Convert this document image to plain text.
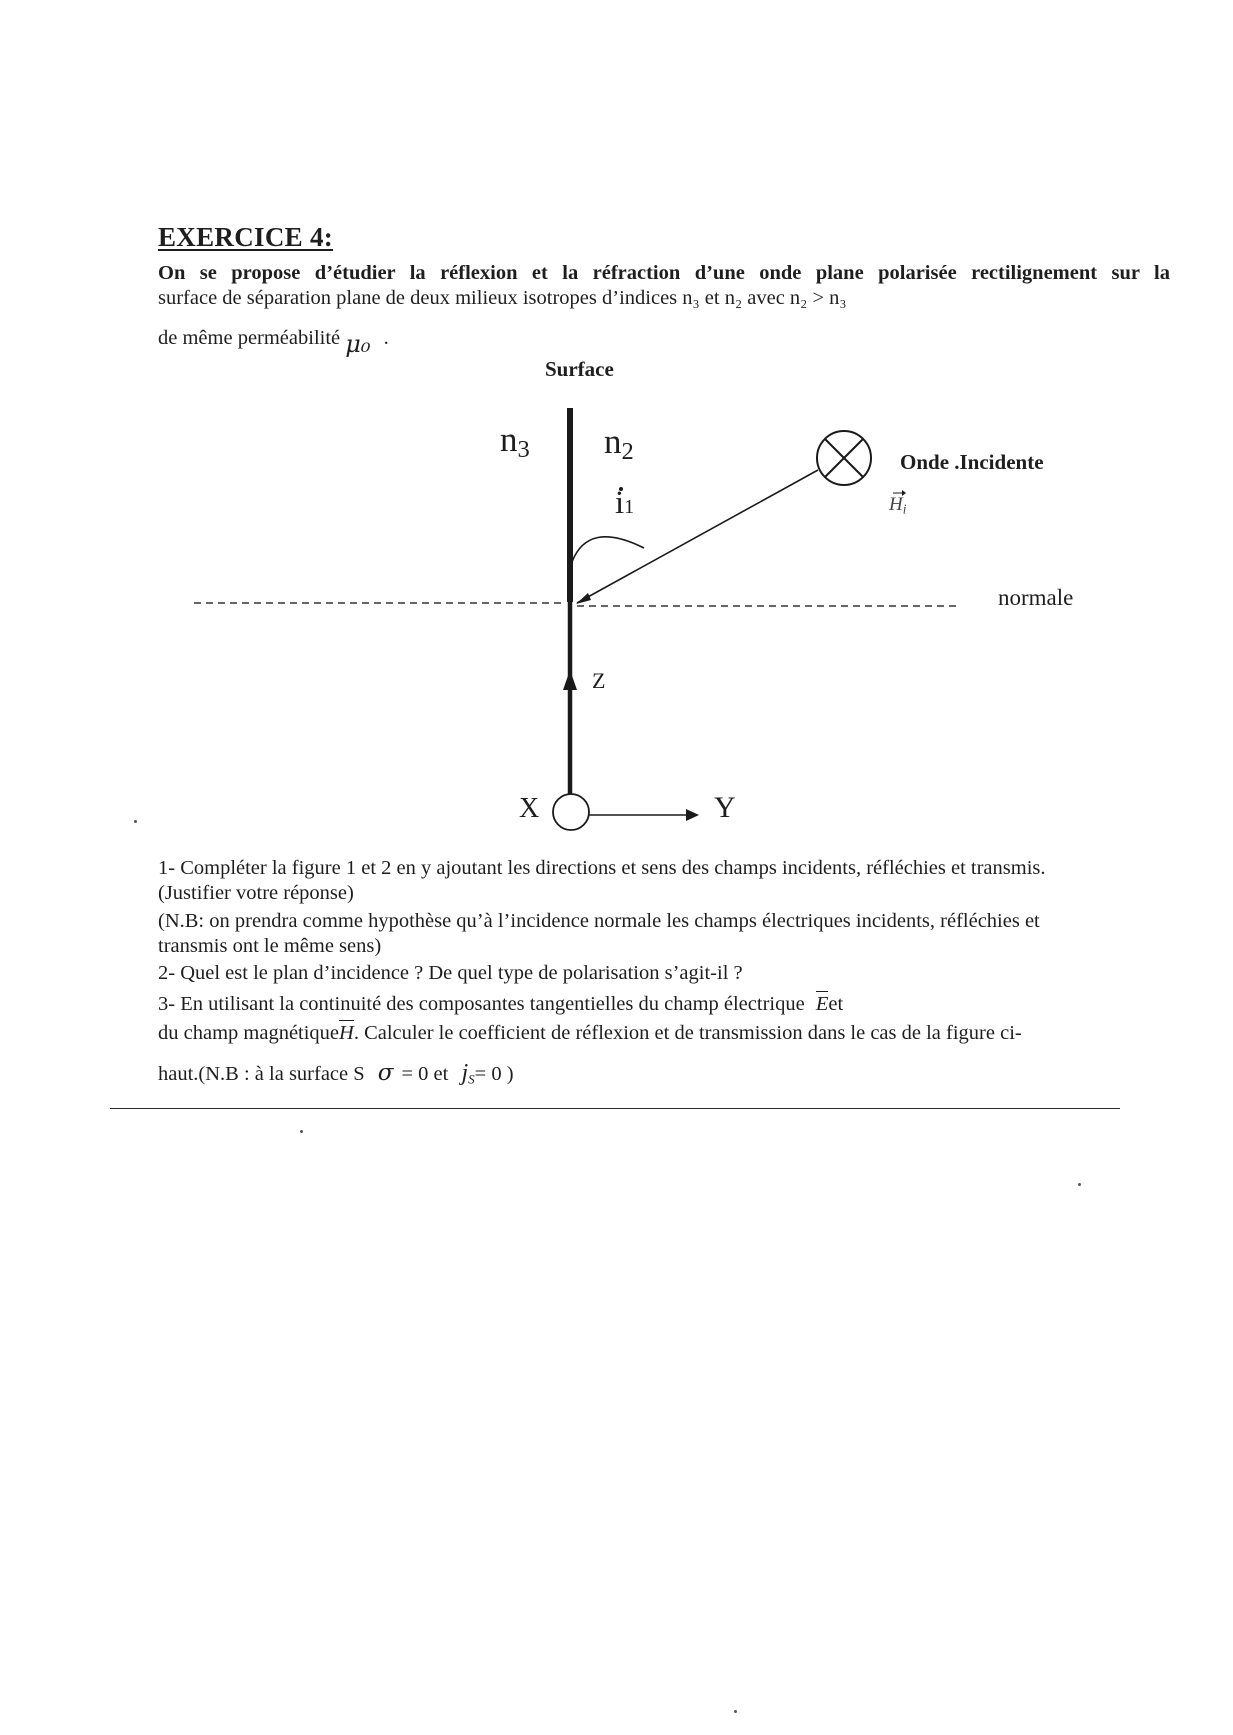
EXERCICE 4:
On se propose d’étudier la réflexion et la réfraction d’une onde plane polarisée rectilignement sur la
surface de séparation plane de deux milieux isotropes d’indices n₃ et n₂ avec n₂ > n₃
de même perméabilité μ₀ .
Surface
$n_3$ $n_2$
i1
Onde .Incidente
$H_i$
normale
Z
X	Y
1- Compléter la figure 1 et 2 en y ajoutant les directions et sens des champs incidents, réfléchies et transmis.
(Justifier votre réponse)
(N.B: on prendra comme hypothèse qu’à l’incidence normale les champs électriques incidents, réfléchies et
transmis ont le même sens)
2- Quel est le plan d’incidence ? De quel type de polarisation s’agit-il ?
3- En utilisant la continuité des composantes tangentielles du champ électrique Eet
du champ magnétiqueH. Calculer le coefficient de réflexion et de transmission dans le cas de la figure ci-
haut.(N.B : à la surface S σ = 0 et $j_S= 0$ )
